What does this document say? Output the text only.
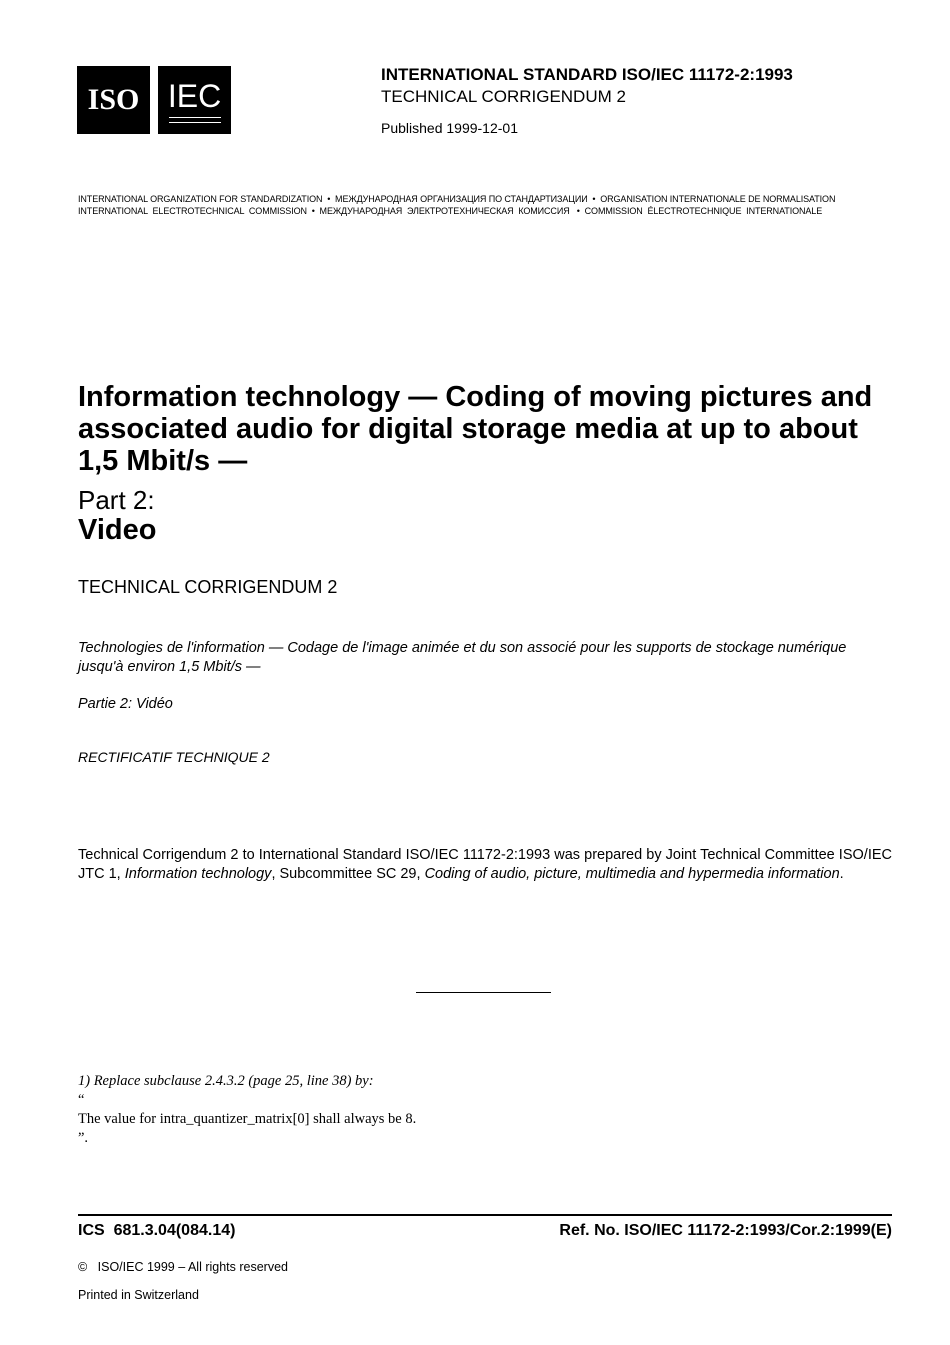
ISO IEC
INTERNATIONAL STANDARD ISO/IEC 11172-2:1993
TECHNICAL CORRIGENDUM 2
Published 1999-12-01
INTERNATIONAL ORGANIZATION FOR STANDARDIZATION  •  МЕЖДУНАРОДНАЯ ОРГАНИЗАЦИЯ ПО СТАНДАРТИЗАЦИИ  •  ORGANISATION INTERNATIONALE DE NORMALISATION
INTERNATIONAL  ELECTROTECHNICAL  COMMISSION  •  МЕЖДУНАРОДНАЯ  ЭЛЕКТРОТЕХНИЧЕСКАЯ  КОМИССИЯ   •  COMMISSION  ÉLECTROTECHNIQUE  INTERNATIONALE
Information technology — Coding of moving pictures and
associated audio for digital storage media at up to about
1,5 Mbit/s —
Part 2:
Video
TECHNICAL CORRIGENDUM 2
Technologies de l'information — Codage de l'image animée et du son associé pour les supports de stockage numérique jusqu'à environ 1,5 Mbit/s —
Partie 2: Vidéo
RECTIFICATIF TECHNIQUE 2

Technical Corrigendum 2 to International Standard ISO/IEC 11172-2:1993 was prepared by Joint Technical Committee ISO/IEC JTC 1, Information technology, Subcommittee SC 29, Coding of audio, picture, multimedia and hypermedia information.

1) Replace subclause 2.4.3.2 (page 25, line 38) by:
“
The value for intra_quantizer_matrix[0] shall always be 8.
”.
ICS  681.3.04(084.14)	Ref. No. ISO/IEC 11172-2:1993/Cor.2:1999(E)
©   ISO/IEC 1999 – All rights reserved
Printed in Switzerland
